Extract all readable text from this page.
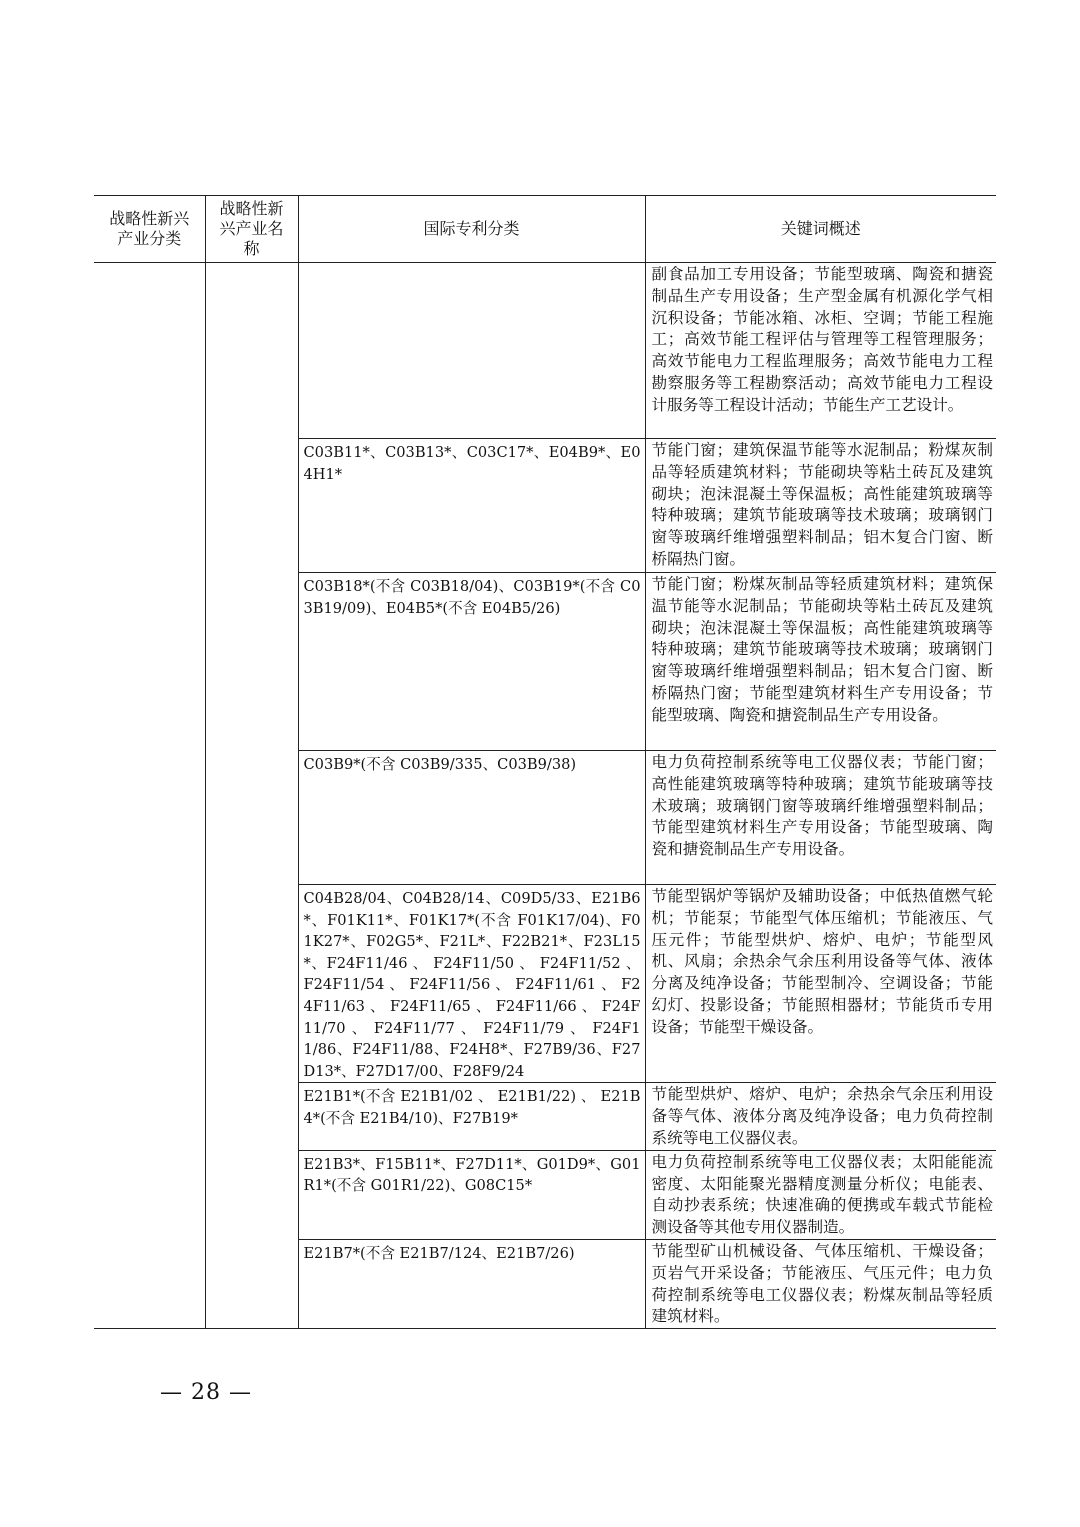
战略性新兴产业分类	战略性新兴产业名称	国际专利分类	关键词概述
			副食品加工专用设备；节能型玻璃、陶瓷和搪瓷制品生产专用设备；生产型金属有机源化学气相沉积设备；节能冰箱、冰柜、空调；节能工程施工；高效节能工程评估与管理等工程管理服务；高效节能电力工程监理服务；高效节能电力工程勘察服务等工程勘察活动；高效节能电力工程设计服务等工程设计活动；节能生产工艺设计。
		C03B11*、C03B13*、C03C17*、E04B9*、E04H1*	节能门窗；建筑保温节能等水泥制品；粉煤灰制品等轻质建筑材料；节能砌块等粘土砖瓦及建筑砌块；泡沫混凝土等保温板；高性能建筑玻璃等特种玻璃；建筑节能玻璃等技术玻璃；玻璃钢门窗等玻璃纤维增强塑料制品；铝木复合门窗、断桥隔热门窗。
		C03B18*(不含 C03B18/04)、C03B19*(不含 C03B19/09)、E04B5*(不含 E04B5/26)	节能门窗；粉煤灰制品等轻质建筑材料；建筑保温节能等水泥制品；节能砌块等粘土砖瓦及建筑砌块；泡沫混凝土等保温板；高性能建筑玻璃等特种玻璃；建筑节能玻璃等技术玻璃；玻璃钢门窗等玻璃纤维增强塑料制品；铝木复合门窗、断桥隔热门窗；节能型建筑材料生产专用设备；节能型玻璃、陶瓷和搪瓷制品生产专用设备。
		C03B9*(不含 C03B9/335、C03B9/38)	电力负荷控制系统等电工仪器仪表；节能门窗；高性能建筑玻璃等特种玻璃；建筑节能玻璃等技术玻璃；玻璃钢门窗等玻璃纤维增强塑料制品；节能型建筑材料生产专用设备；节能型玻璃、陶瓷和搪瓷制品生产专用设备。
		C04B28/04、C04B28/14、C09D5/33、E21B6*、F01K11*、F01K17*(不含 F01K17/04)、F01K27*、F02G5*、F21L*、F22B21*、F23L15*、F24F11/46 、 F24F11/50 、 F24F11/52 、 F24F11/54 、 F24F11/56 、 F24F11/61 、 F24F11/63 、 F24F11/65 、 F24F11/66 、 F24F11/70 、 F24F11/77 、 F24F11/79 、 F24F11/86、F24F11/88、F24H8*、F27B9/36、F27D13*、F27D17/00、F28F9/24	节能型锅炉等锅炉及辅助设备；中低热值燃气轮机；节能泵；节能型气体压缩机；节能液压、气压元件；节能型烘炉、熔炉、电炉；节能型风机、风扇；余热余气余压利用设备等气体、液体分离及纯净设备；节能型制冷、空调设备；节能幻灯、投影设备；节能照相器材；节能货币专用设备；节能型干燥设备。
		E21B1*(不含 E21B1/02 、 E21B1/22) 、 E21B4*(不含 E21B4/10)、F27B19*	节能型烘炉、熔炉、电炉；余热余气余压利用设备等气体、液体分离及纯净设备；电力负荷控制系统等电工仪器仪表。
		E21B3*、F15B11*、F27D11*、G01D9*、G01R1*(不含 G01R1/22)、G08C15*	电力负荷控制系统等电工仪器仪表；太阳能能流密度、太阳能聚光器精度测量分析仪；电能表、自动抄表系统；快速准确的便携或车载式节能检测设备等其他专用仪器制造。
		E21B7*(不含 E21B7/124、E21B7/26)	节能型矿山机械设备、气体压缩机、干燥设备；页岩气开采设备；节能液压、气压元件；电力负荷控制系统等电工仪器仪表；粉煤灰制品等轻质建筑材料。
— 28 —
